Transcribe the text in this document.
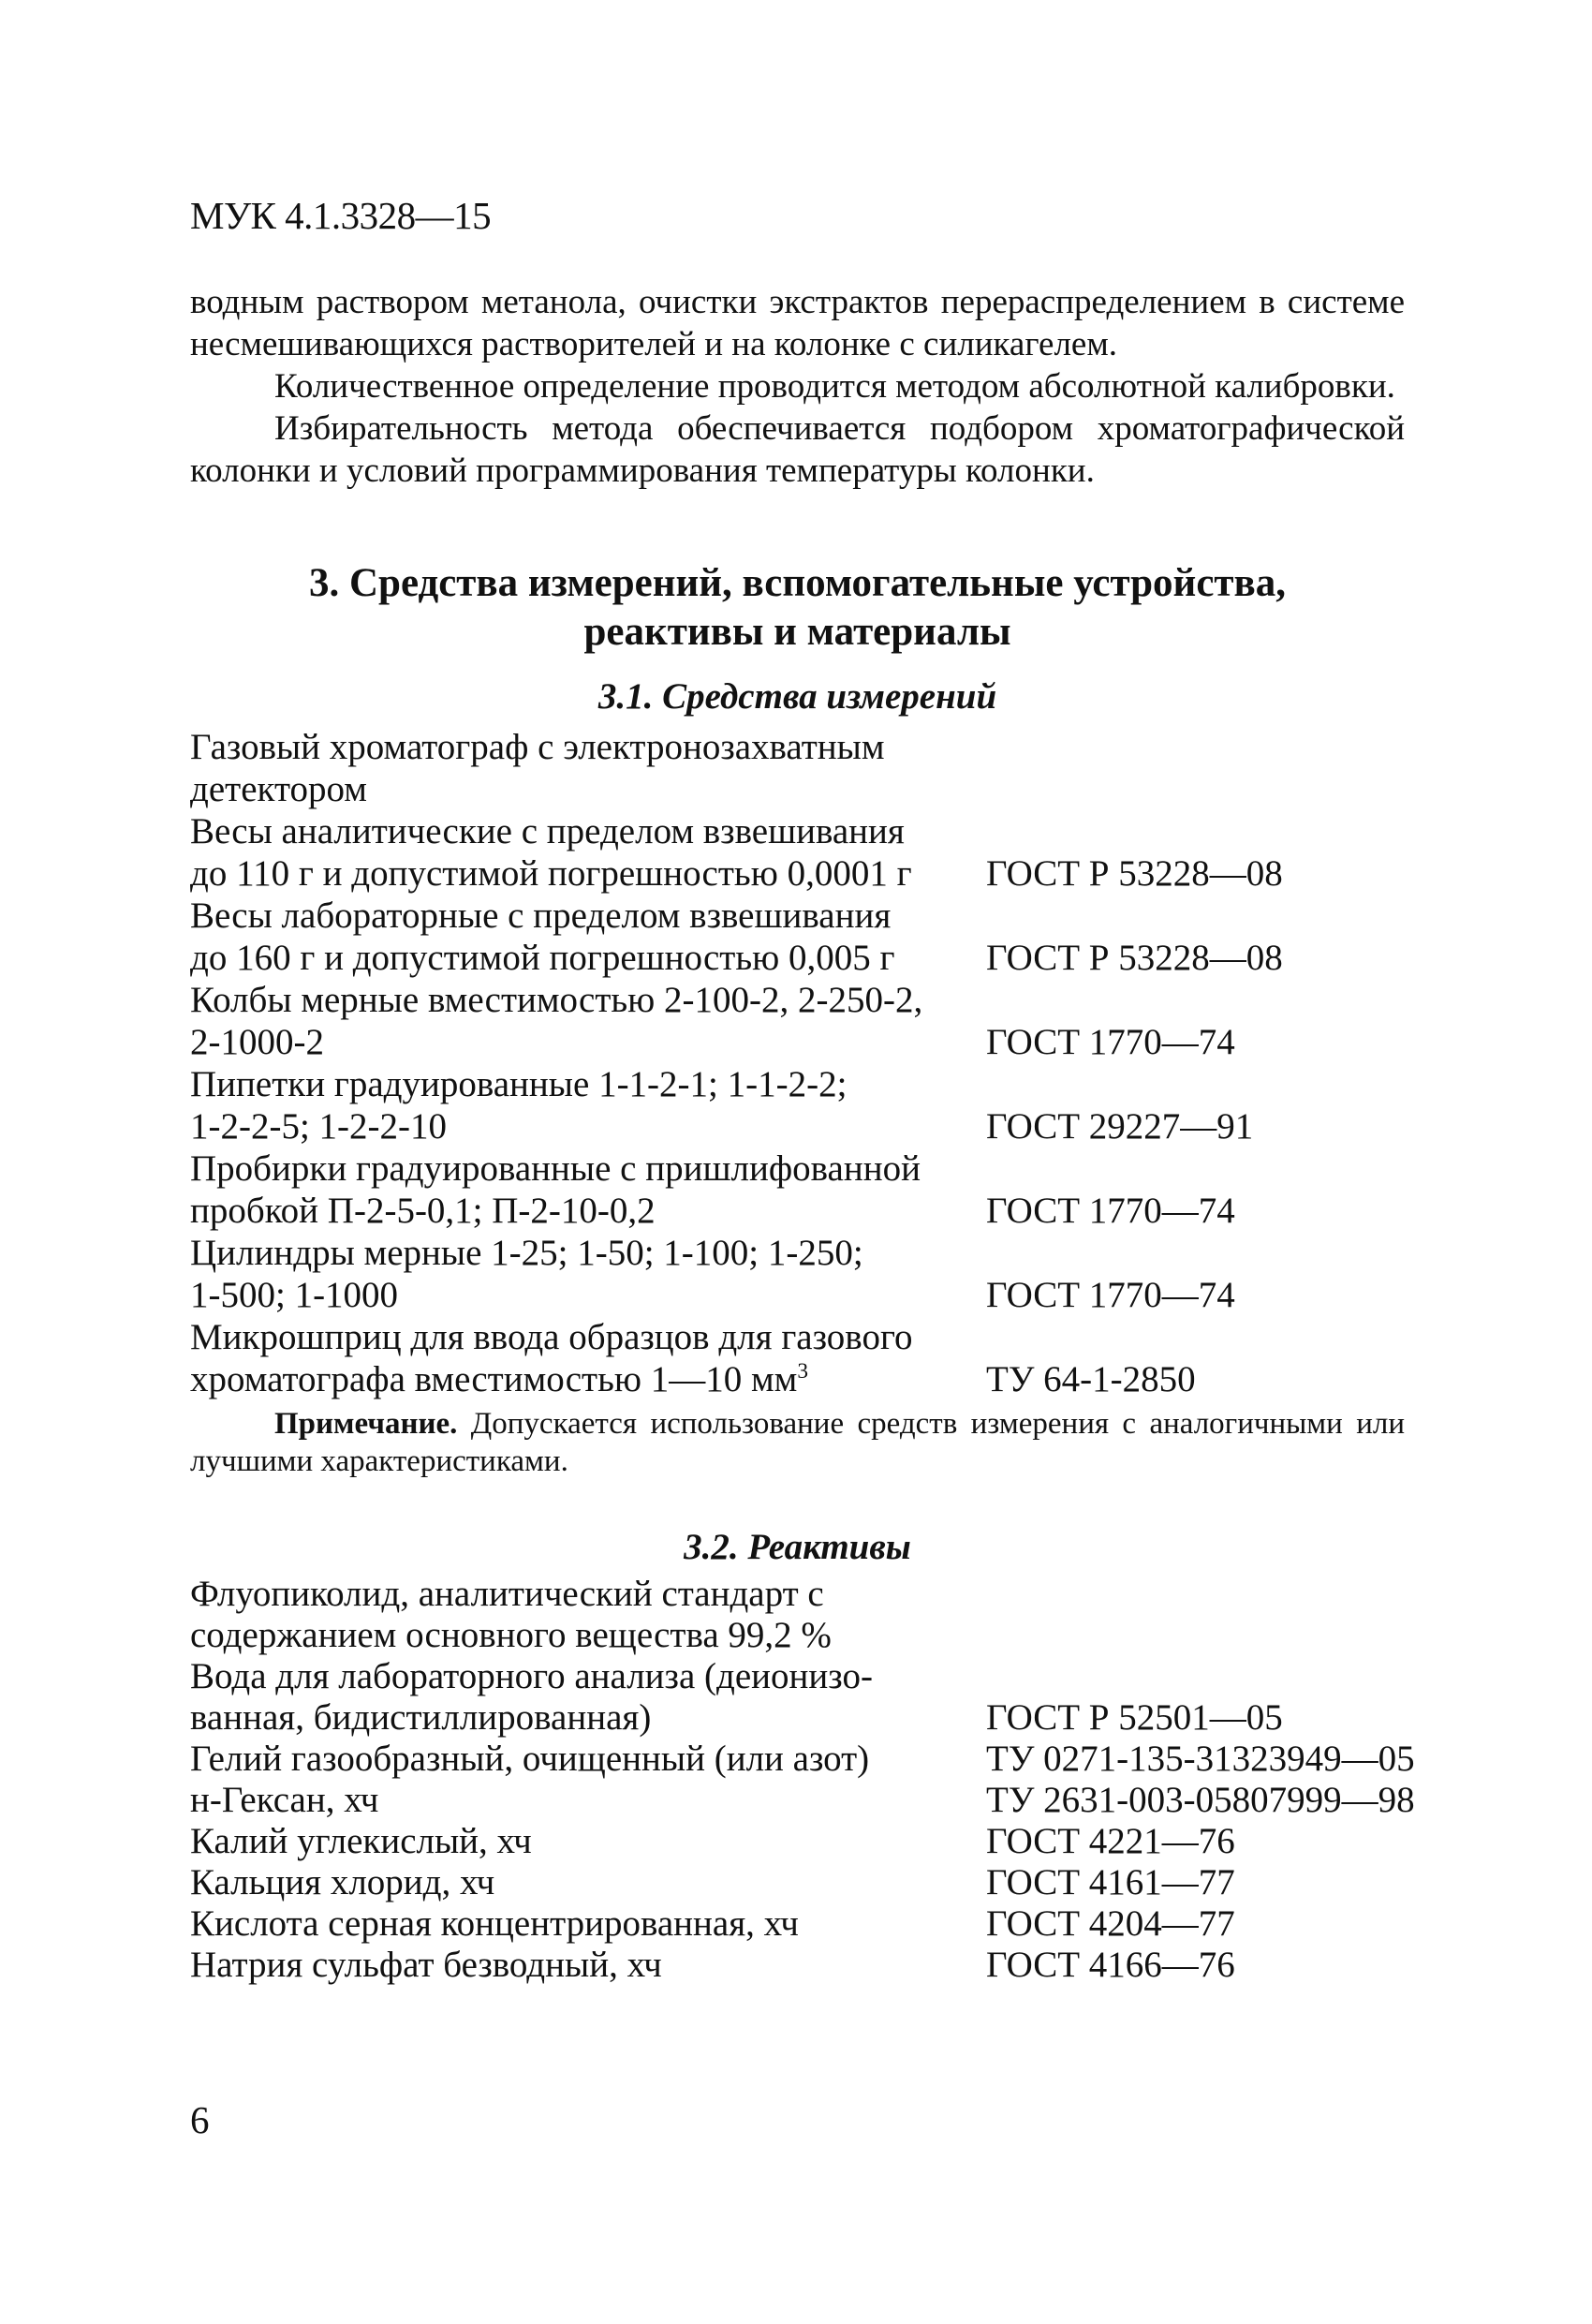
МУК 4.1.3328—15

водным раствором метанола, очистки экстрактов перераспределением в системе несмешивающихся растворителей и на колонке с силикагелем.

Количественное определение проводится методом абсолютной калибровки.

Избирательность метода обеспечивается подбором хроматографической колонки и условий программирования температуры колонки.

3. Средства измерений, вспомогательные устройства,
реактивы и материалы
3.1. Средства измерений
Газовый хроматограф с электронозахватным
детектором
Весы аналитические с пределом взвешивания
до 110 г и допустимой погрешностью 0,0001 г	ГОСТ Р 53228—08
Весы лабораторные с пределом взвешивания
до 160 г и допустимой погрешностью 0,005 г	ГОСТ Р 53228—08
Колбы мерные вместимостью 2-100-2, 2-250-2,
2-1000-2	ГОСТ 1770—74
Пипетки градуированные 1-1-2-1; 1-1-2-2;
1-2-2-5; 1-2-2-10	ГОСТ 29227—91
Пробирки градуированные с пришлифованной
пробкой П-2-5-0,1; П-2-10-0,2	ГОСТ 1770—74
Цилиндры мерные 1-25; 1-50; 1-100; 1-250;
1-500; 1-1000	ГОСТ 1770—74
Микрошприц для ввода образцов для газового
хроматографа вместимостью 1—10 $мм^3$	ТУ 64-1-2850

Примечание. Допускается использование средств измерения с аналогичными или лучшими характеристиками.

3.2. Реактивы
Флуопиколид, аналитический стандарт с
содержанием основного вещества 99,2 %
Вода для лабораторного анализа (деионизо-
ванная, бидистиллированная)	ГОСТ Р 52501—05
Гелий газообразный, очищенный (или азот)	ТУ 0271-135-31323949—05
н-Гексан, хч	ТУ 2631-003-05807999—98
Калий углекислый, хч	ГОСТ 4221—76
Кальция хлорид, хч	ГОСТ 4161—77
Кислота серная концентрированная, хч	ГОСТ 4204—77
Натрия сульфат безводный, хч	ГОСТ 4166—76
6
